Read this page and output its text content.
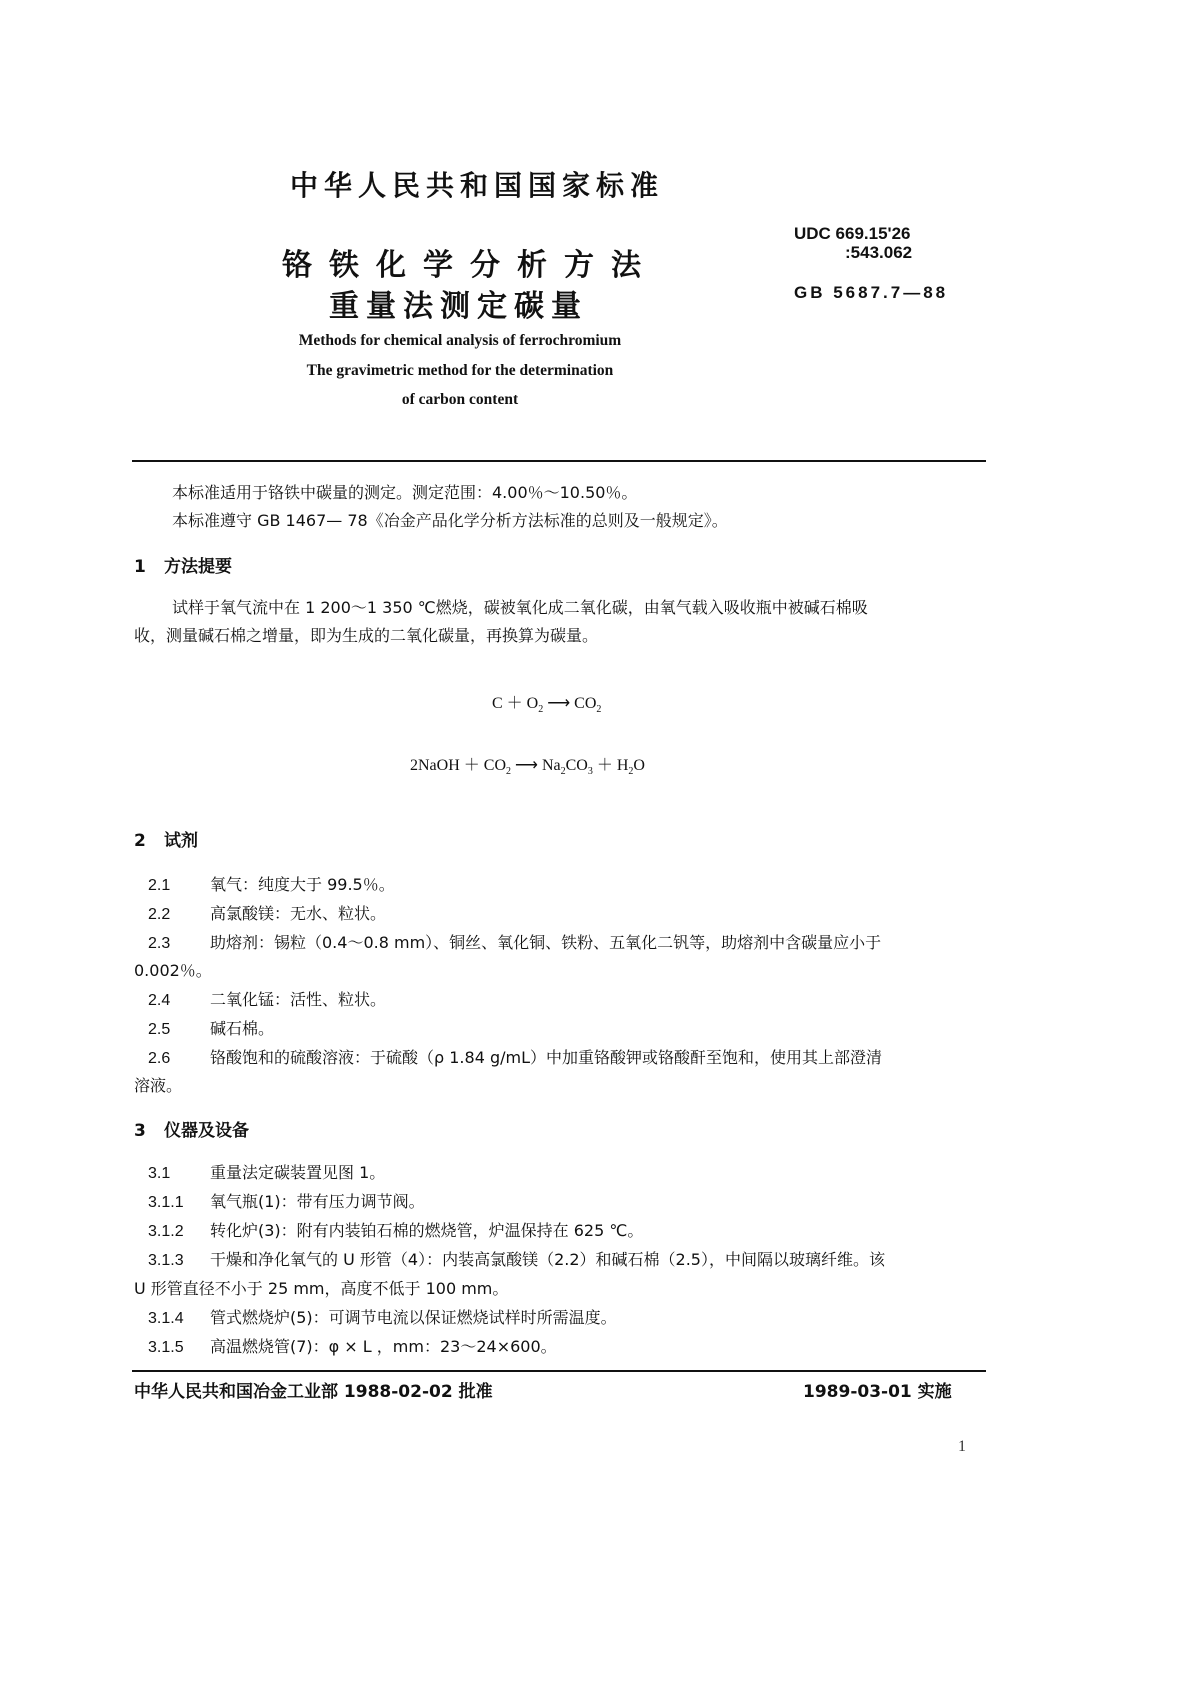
中华人民共和国国家标准
铬铁化学分析方法
重量法测定碳量
UDC 669.15'26
:543.062
GB 5687.7—88
Methods for chemical analysis of ferrochromium
The gravimetric method for the determination
of carbon content
本标准适用于铬铁中碳量的测定。测定范围：4.00％～10.50％。
本标准遵守 GB 1467— 78《冶金产品化学分析方法标准的总则及一般规定》。
1 方法提要
试样于氧气流中在 1 200～1 350 ℃燃烧，碳被氧化成二氧化碳，由氧气载入吸收瓶中被碱石棉吸
收，测量碱石棉之增量，即为生成的二氧化碳量，再换算为碳量。
$C + O_2$ ⟶ $CO_2$
2NaOH ＋ $CO_2$ ⟶ $Na_2CO_3 + H_2O$
2 试剂
2.1 氧气：纯度大于 99.5％。
2.2 高氯酸镁：无水、粒状。
2.3 助熔剂：锡粒（0.4～0.8 mm）、铜丝、氧化铜、铁粉、五氧化二钒等，助熔剂中含碳量应小于
0.002％。
2.4 二氧化锰：活性、粒状。
2.5 碱石棉。
2.6 铬酸饱和的硫酸溶液：于硫酸（ρ 1.84 g/mL）中加重铬酸钾或铬酸酐至饱和，使用其上部澄清
溶液。
3 仪器及设备
3.1 重量法定碳装置见图 1。
3.1.1 氧气瓶(1)：带有压力调节阀。
3.1.2 转化炉(3)：附有内装铂石棉的燃烧管，炉温保持在 625 ℃。
3.1.3 干燥和净化氧气的 U 形管（4）：内装高氯酸镁（2.2）和碱石棉（2.5），中间隔以玻璃纤维。该
U 形管直径不小于 25 mm，高度不低于 100 mm。
3.1.4 管式燃烧炉(5)：可调节电流以保证燃烧试样时所需温度。
3.1.5 高温燃烧管(7)：φ × L ，mm：23～24×600。
中华人民共和国冶金工业部 1988-02-02 批准	1989-03-01 实施
1
